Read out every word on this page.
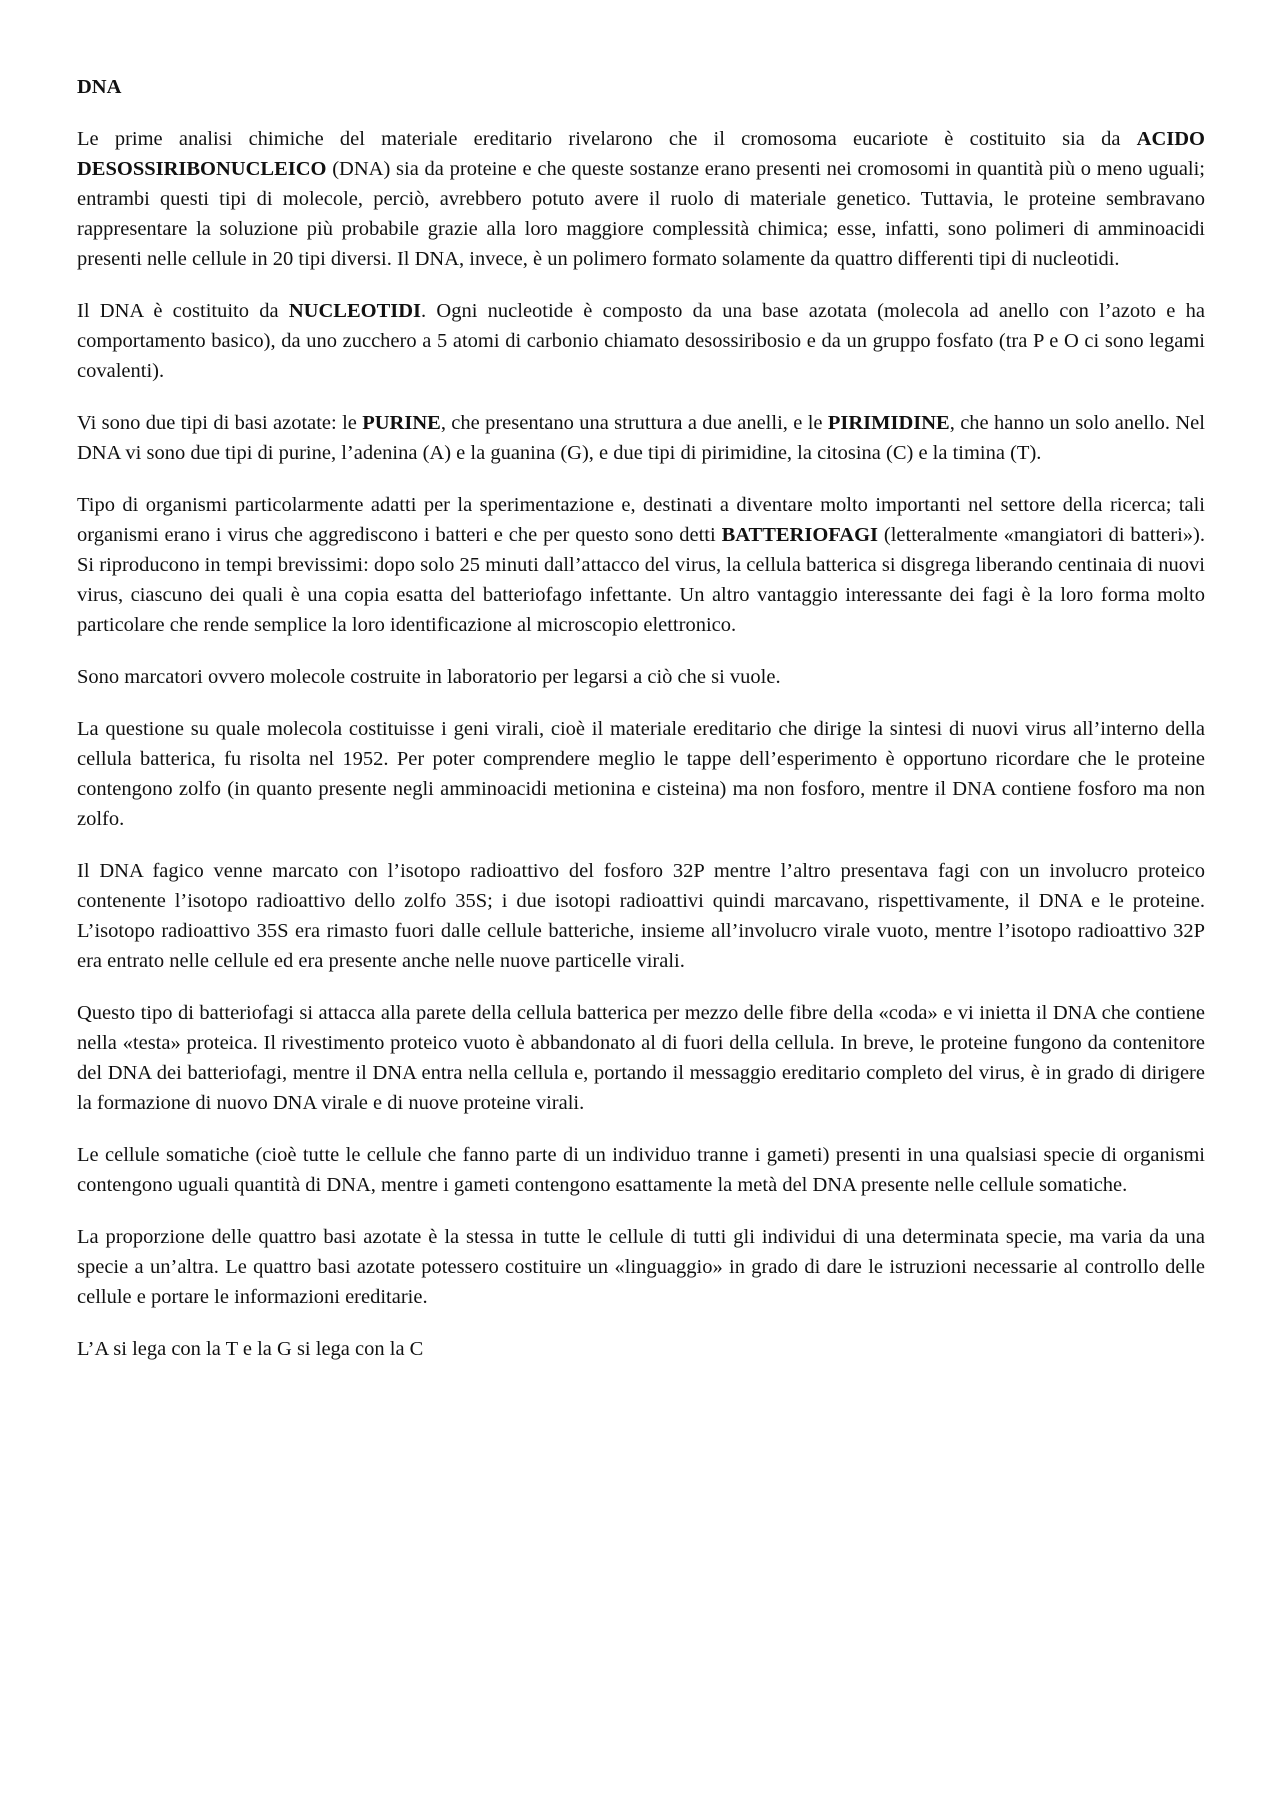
DNA

Le prime analisi chimiche del materiale ereditario rivelarono che il cromosoma eucariote è costituito sia da ACIDO DESOSSIRIBONUCLEICO (DNA) sia da proteine e che queste sostanze erano presenti nei cromosomi in quantità più o meno uguali; entrambi questi tipi di molecole, perciò, avrebbero potuto avere il ruolo di materiale genetico. Tuttavia, le proteine sembravano rappresentare la soluzione più probabile grazie alla loro maggiore complessità chimica; esse, infatti, sono polimeri di amminoacidi presenti nelle cellule in 20 tipi diversi. Il DNA, invece, è un polimero formato solamente da quattro differenti tipi di nucleotidi.

Il DNA è costituito da NUCLEOTIDI. Ogni nucleotide è composto da una base azotata (molecola ad anello con l’azoto e ha comportamento basico), da uno zucchero a 5 atomi di carbonio chiamato desossiribosio e da un gruppo fosfato (tra P e O ci sono legami covalenti).

Vi sono due tipi di basi azotate: le PURINE, che presentano una struttura a due anelli, e le PIRIMIDINE, che hanno un solo anello. Nel DNA vi sono due tipi di purine, l’adenina (A) e la guanina (G), e due tipi di pirimidine, la citosina (C) e la timina (T).

Tipo di organismi particolarmente adatti per la sperimentazione e, destinati a diventare molto importanti nel settore della ricerca; tali organismi erano i virus che aggrediscono i batteri e che per questo sono detti BATTERIOFAGI (letteralmente «mangiatori di batteri»). Si riproducono in tempi brevissimi: dopo solo 25 minuti dall’attacco del virus, la cellula batterica si disgrega liberando centinaia di nuovi virus, ciascuno dei quali è una copia esatta del batteriofago infettante. Un altro vantaggio interessante dei fagi è la loro forma molto particolare che rende semplice la loro identificazione al microscopio elettronico.

Sono marcatori ovvero molecole costruite in laboratorio per legarsi a ciò che si vuole.

La questione su quale molecola costituisse i geni virali, cioè il materiale ereditario che dirige la sintesi di nuovi virus all’interno della cellula batterica, fu risolta nel 1952. Per poter comprendere meglio le tappe dell’esperimento è opportuno ricordare che le proteine contengono zolfo (in quanto presente negli amminoacidi metionina e cisteina) ma non fosforo, mentre il DNA contiene fosforo ma non zolfo.

Il DNA fagico venne marcato con l’isotopo radioattivo del fosforo 32P mentre l’altro presentava fagi con un involucro proteico contenente l’isotopo radioattivo dello zolfo 35S; i due isotopi radioattivi quindi marcavano, rispettivamente, il DNA e le proteine. L’isotopo radioattivo 35S era rimasto fuori dalle cellule batteriche, insieme all’involucro virale vuoto, mentre l’isotopo radioattivo 32P era entrato nelle cellule ed era presente anche nelle nuove particelle virali.

Questo tipo di batteriofagi si attacca alla parete della cellula batterica per mezzo delle fibre della «coda» e vi inietta il DNA che contiene nella «testa» proteica. Il rivestimento proteico vuoto è abbandonato al di fuori della cellula. In breve, le proteine fungono da contenitore del DNA dei batteriofagi, mentre il DNA entra nella cellula e, portando il messaggio ereditario completo del virus, è in grado di dirigere la formazione di nuovo DNA virale e di nuove proteine virali.

Le cellule somatiche (cioè tutte le cellule che fanno parte di un individuo tranne i gameti) presenti in una qualsiasi specie di organismi contengono uguali quantità di DNA, mentre i gameti contengono esattamente la metà del DNA presente nelle cellule somatiche.

La proporzione delle quattro basi azotate è la stessa in tutte le cellule di tutti gli individui di una determinata specie, ma varia da una specie a un’altra. Le quattro basi azotate potessero costituire un «linguaggio» in grado di dare le istruzioni necessarie al controllo delle cellule e portare le informazioni ereditarie.

L’A si lega con la T e la G si lega con la C
